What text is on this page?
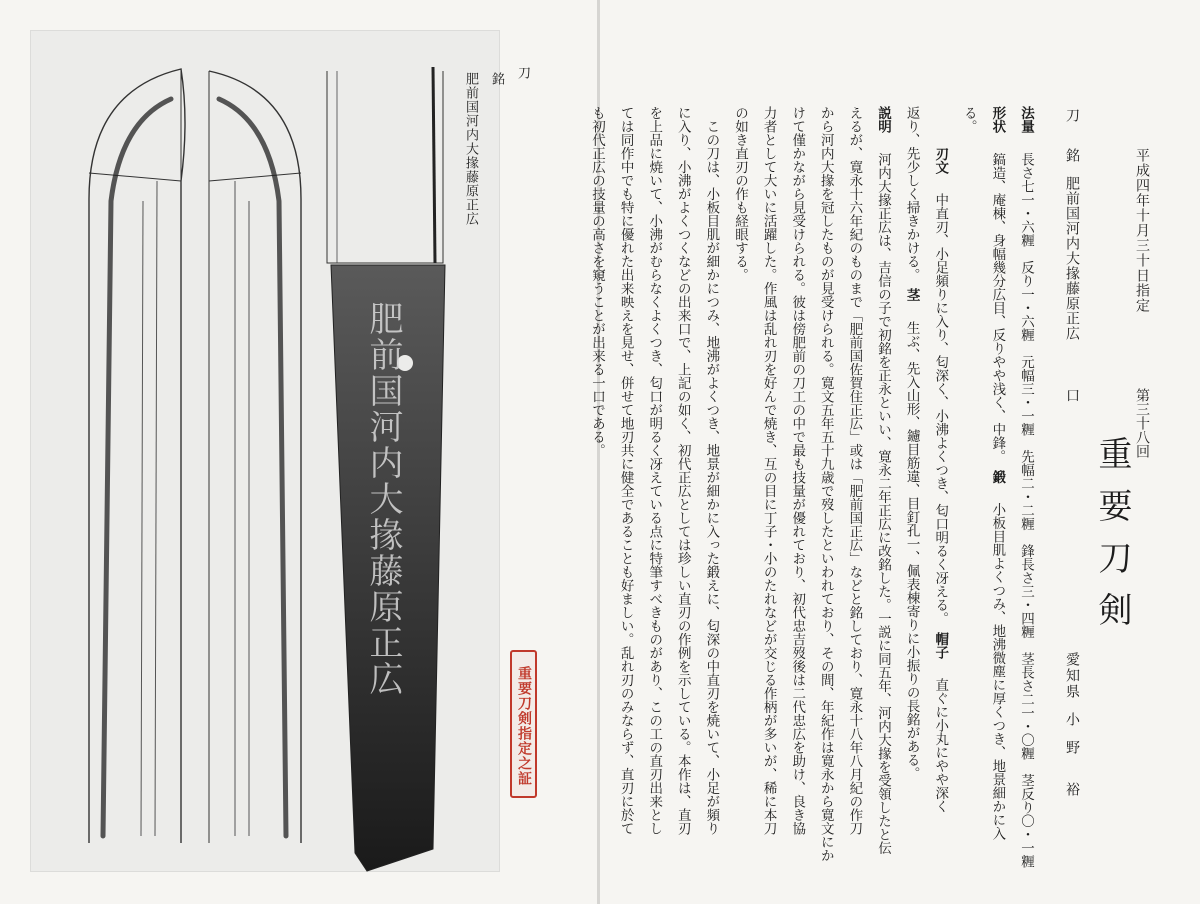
肥前国河内大掾藤原正広
刀
銘
肥前国河内大掾藤原正広
重要刀剣指定之証
平成四年十月三十日指定
第三十八回
重要刀剣
刀
銘
肥前国河内大掾藤原正広
口
愛知県
小　野　　裕
法量　長さ七一・六糎　反り一・六糎　元幅三・一糎　先幅二・二糎　鋒長さ三・四糎　茎長さ二一・〇糎　茎反り〇・一糎　
形状　鎬造、庵棟、身幅幾分広目、反りやや浅く、中鋒。　鍛　小板目肌よくつみ、地沸微塵に厚くつき、地景細かに入　
る。　
　　　刃文　中直刃、小足頻りに入り、匂深く、小沸よくつき、匂口明るく冴える。　帽子　直ぐに小丸にやや深く　
返り、先少しく掃きかける。　茎　生ぶ、先入山形、鑢目筋違、目釘孔一、佩表棟寄りに小振りの長銘がある。　
説明　河内大掾正広は、吉信の子で初銘を正永といい、寛永二年正広に改銘した。一説に同五年、河内大掾を受領したと伝　
えるが、寛永十六年紀のものまで「肥前国佐賀住正広」或は「肥前国正広」などと銘しており、寛永十八年八月紀の作刀　
から河内大掾を冠したものが見受けられる。寛文五年五十九歳で歿したといわれており、その間、年紀作は寛永から寛文にか　
けて僅かながら見受けられる。彼は傍肥前の刀工の中で最も技量が優れており、初代忠吉歿後は二代忠広を助け、良き協　
力者として大いに活躍した。作風は乱れ刃を好んで焼き、互の目に丁子・小のたれなどが交じる作柄が多いが、稀に本刀　
の如き直刃の作も経眼する。　
　この刀は、小板目肌が細かにつみ、地沸がよくつき、地景が細かに入った鍛えに、匂深の中直刃を焼いて、小足が頻り　
に入り、小沸がよくつくなどの出来口で、上記の如く、初代正広としては珍しい直刃の作例を示している。本作は、直刃　
を上品に焼いて、小沸がむらなくよくつき、匂口が明るく冴えている点に特筆すべきものがあり、この工の直刃出来とし　
ては同作中でも特に優れた出来映えを見せ、併せて地刃共に健全であることも好ましい。乱れ刃のみならず、直刃に於て　
も初代正広の技量の高さを窺うことが出来る一口である。　
